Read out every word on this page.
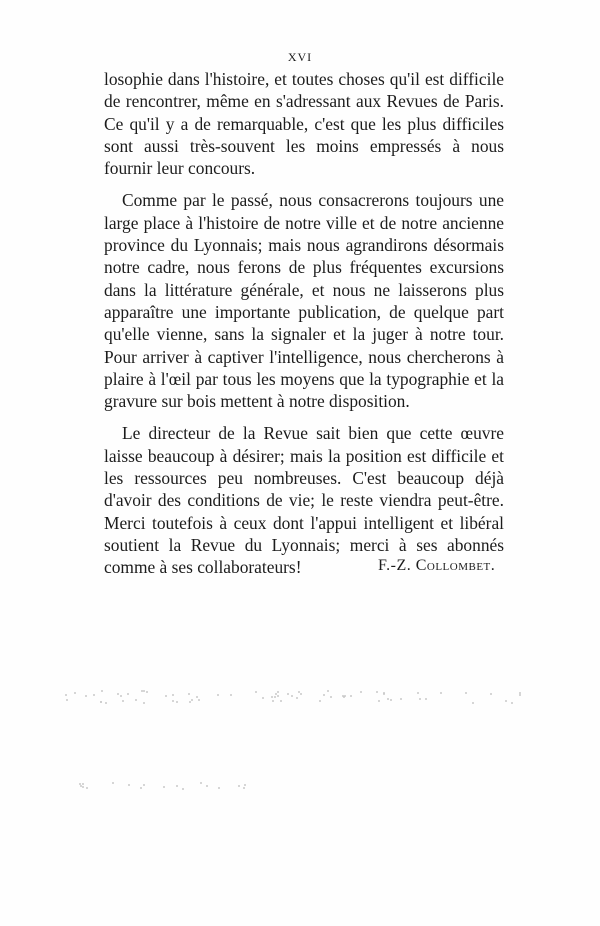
XVI

losophie dans l'histoire, et toutes choses qu'il est difficile de rencontrer, même en s'adressant aux Revues de Paris. Ce qu'il y a de remarquable, c'est que les plus difficiles sont aussi très-souvent les moins empressés à nous fournir leur concours.

Comme par le passé, nous consacrerons toujours une large place à l'histoire de notre ville et de notre ancienne province du Lyonnais; mais nous agrandirons désormais notre cadre, nous ferons de plus fréquentes excursions dans la littérature générale, et nous ne laisserons plus apparaître une importante publication, de quelque part qu'elle vienne, sans la signaler et la juger à notre tour. Pour arriver à captiver l'intelligence, nous chercherons à plaire à l'œil par tous les moyens que la typographie et la gravure sur bois mettent à notre disposition.

Le directeur de la Revue sait bien que cette œuvre laisse beaucoup à désirer; mais la position est difficile et les ressources peu nombreuses. C'est beaucoup déjà d'avoir des conditions de vie; le reste viendra peut-être. Merci toutefois à ceux dont l'appui intelligent et libéral soutient la Revue du Lyonnais; merci à ses abonnés comme à ses collaborateurs!	F.-Z. Collombet.
